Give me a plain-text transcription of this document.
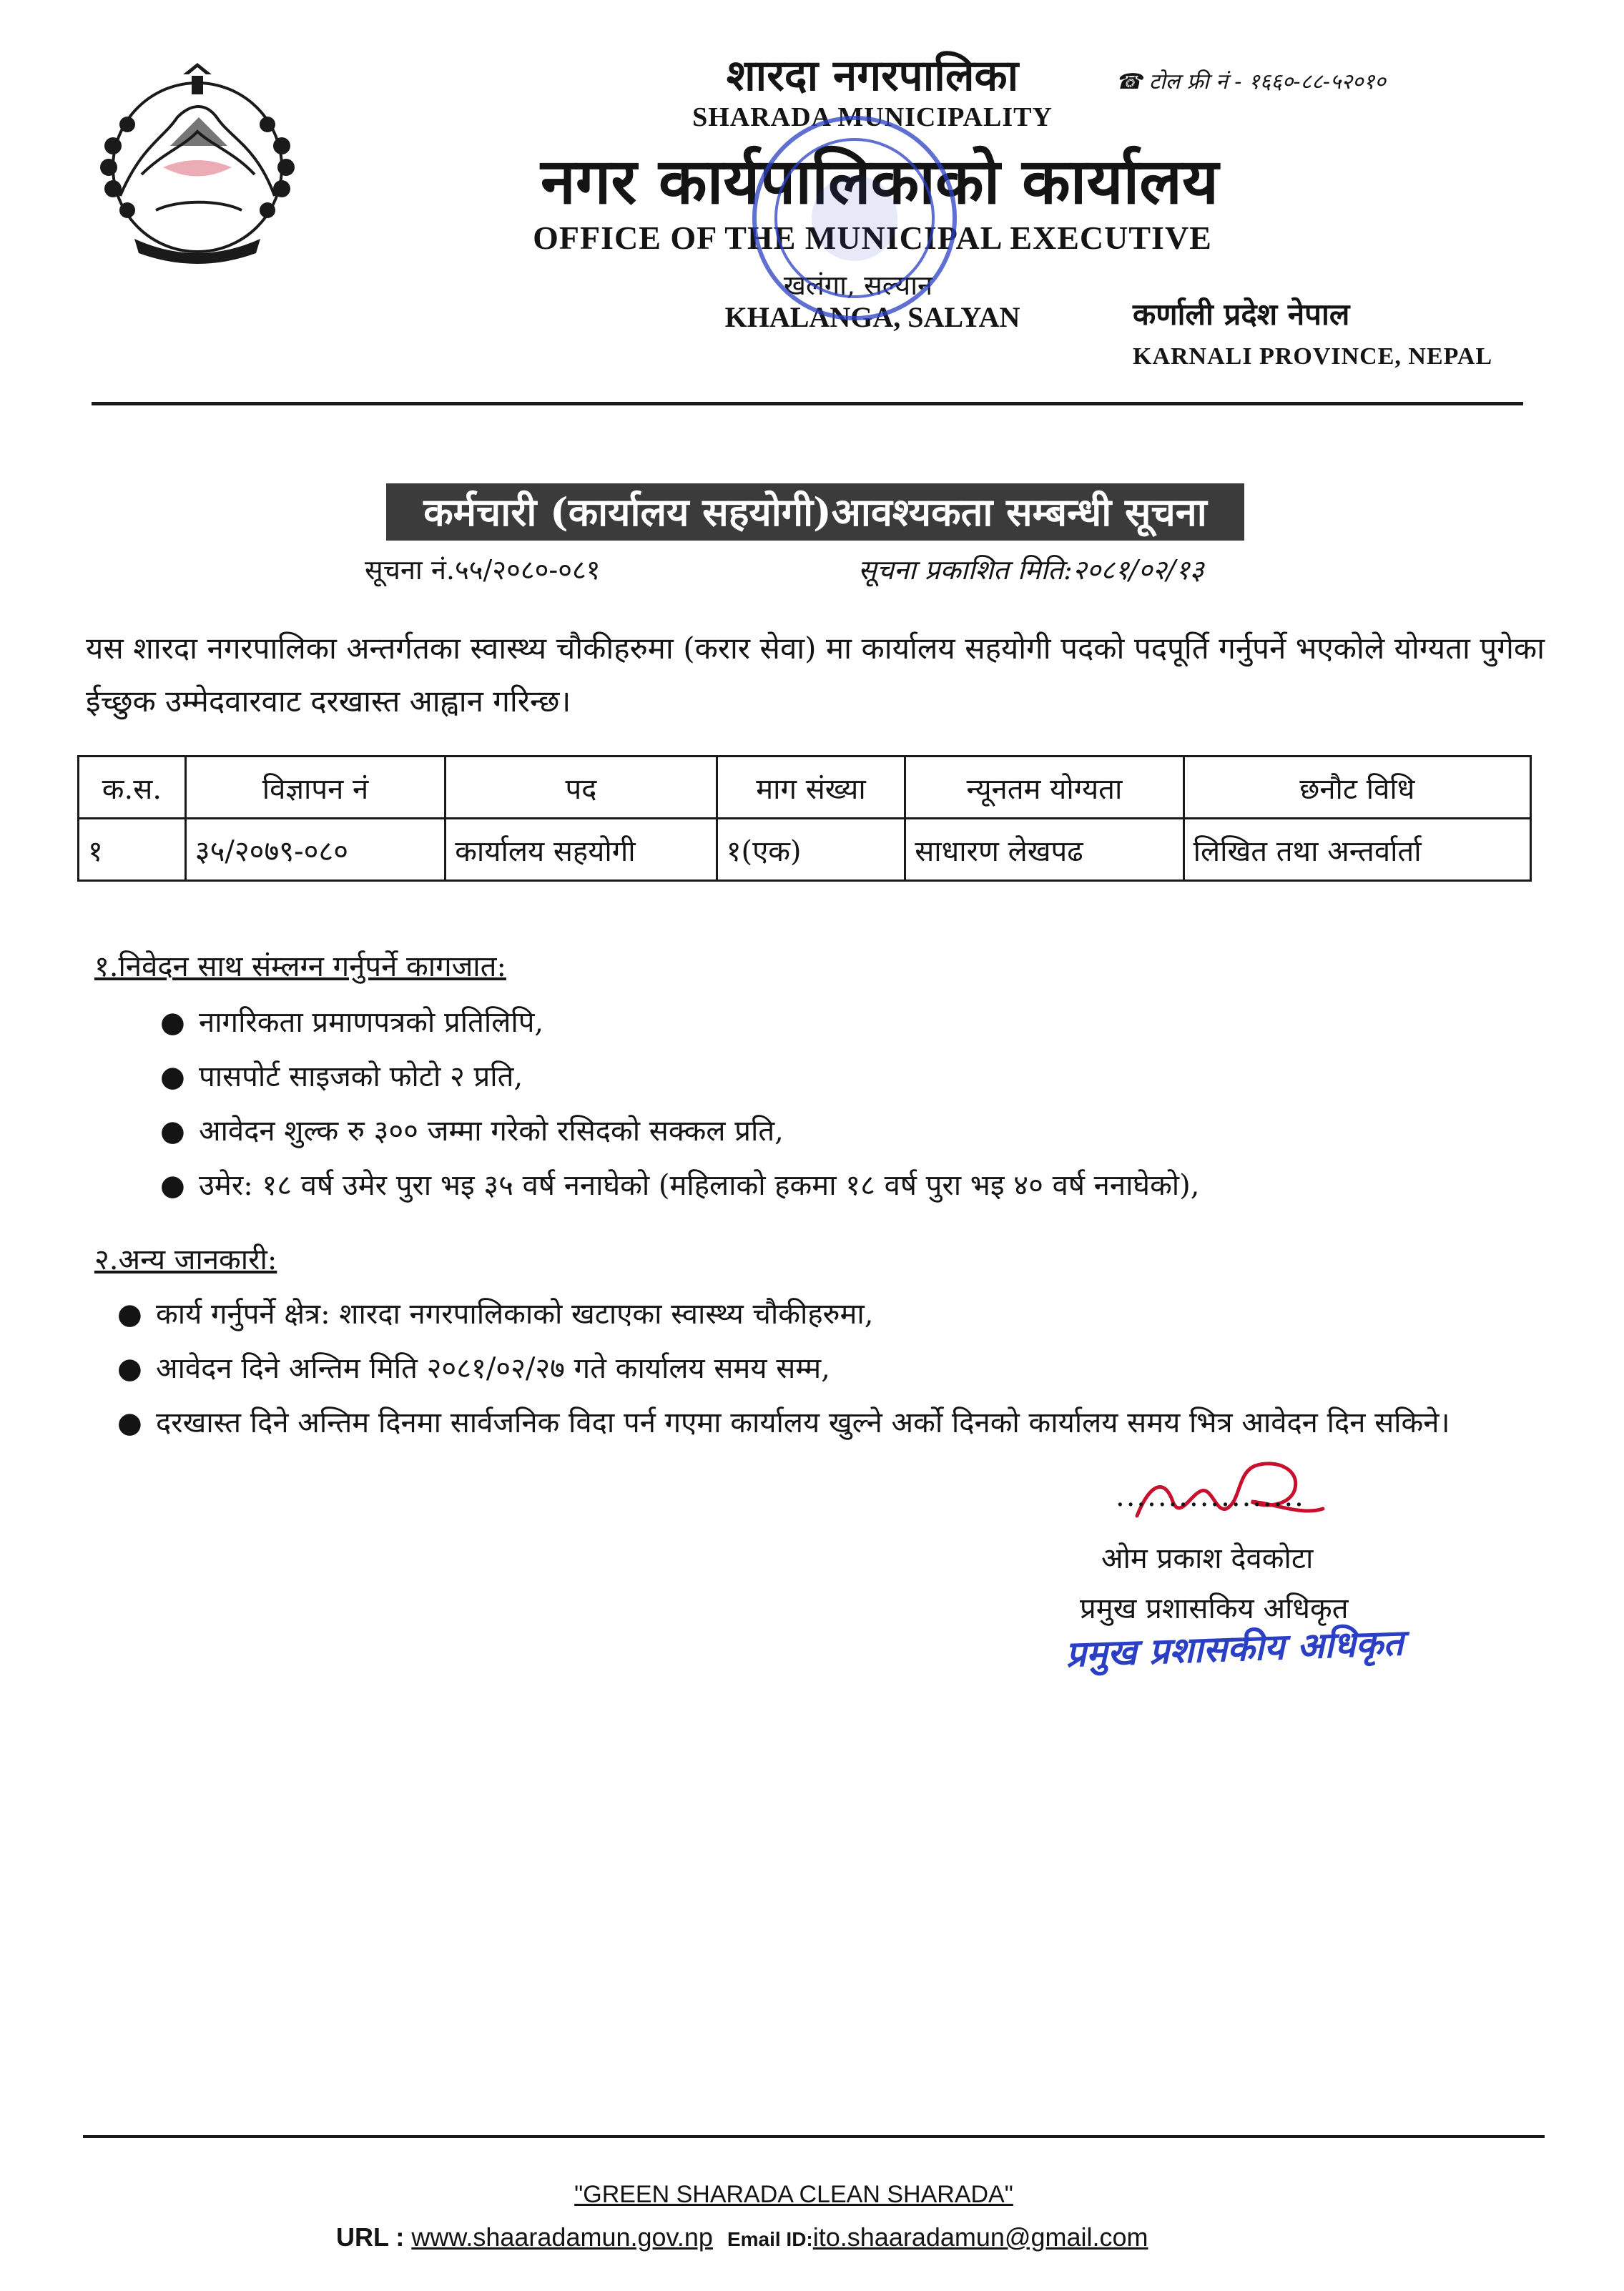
शारदा नगरपालिका
SHARADA MUNICIPALITY
नगर कार्यपालिकाको कार्यालय
OFFICE OF THE MUNICIPAL EXECUTIVE
खलंगा, सल्यान
KHALANGA, SALYAN
☎ टोल फ्री नं - १६६०-८८-५२०१०
कर्णाली प्रदेश नेपाल
KARNALI PROVINCE, NEPAL
कर्मचारी (कार्यालय सहयोगी)आवश्यकता सम्बन्धी सूचना
सूचना नं.५५/२०८०-०८१	सूचना प्रकाशित मिति:२०८१/०२/१३
यस शारदा नगरपालिका अन्तर्गतका स्वास्थ्य चौकीहरुमा (करार सेवा) मा कार्यालय सहयोगी पदको पदपूर्ति गर्नुपर्ने भएकोले योग्यता पुगेका ईच्छुक उम्मेदवारवाट दरखास्त आह्वान गरिन्छ।
क.स.	विज्ञापन नं	पद	माग संख्या	न्यूनतम योग्यता	छनौट विधि
१	३५/२०७९-०८०	कार्यालय सहयोगी	१(एक)	साधारण लेखपढ	लिखित तथा अन्तर्वार्ता
१.निवेदन साथ संम्लग्न गर्नुपर्ने कागजात:
● नागरिकता प्रमाणपत्रको प्रतिलिपि,
● पासपोर्ट साइजको फोटो २ प्रति,
● आवेदन शुल्क रु ३०० जम्मा गरेको रसिदको सक्कल प्रति,
● उमेर: १८ वर्ष उमेर पुरा भइ ३५ वर्ष ननाघेको (महिलाको हकमा १८ वर्ष पुरा भइ ४० वर्ष ननाघेको),
२.अन्य जानकारी:
● कार्य गर्नुपर्ने क्षेत्र: शारदा नगरपालिकाको खटाएका स्वास्थ्य चौकीहरुमा,
● आवेदन दिने अन्तिम मिति २०८१/०२/२७ गते कार्यालय समय सम्म,
● दरखास्त दिने अन्तिम दिनमा सार्वजनिक विदा पर्न गएमा कार्यालय खुल्ने अर्को दिनको कार्यालय समय भित्र आवेदन दिन सकिने।
..................
ओम प्रकाश देवकोटा
प्रमुख प्रशासकिय अधिकृत
प्रमुख प्रशासकीय अधिकृत
"GREEN SHARADA CLEAN SHARADA"
URL : www.shaaradamun.gov.np Email ID:ito.shaaradamun@gmail.com
